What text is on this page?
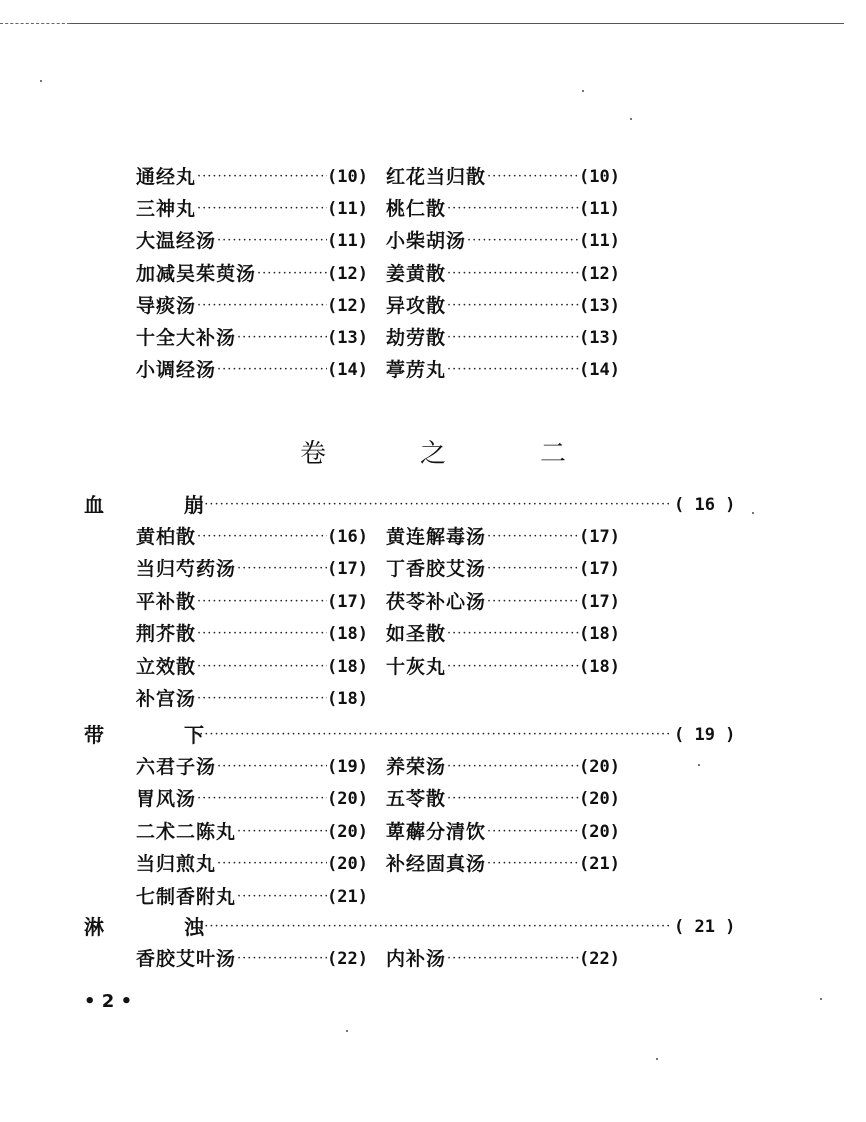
通经丸 ·····	(10) 红花当归散 ·····	(10)
三神丸 ·····	(11) 桃仁散 ·····	(11)
大温经汤 ·····	(11) 小柴胡汤 ·····	(11)
加减吴茱萸汤 ·····	(12) 姜黄散 ·····	(12)
导痰汤 ·····	(12) 异攻散 ·····	(13)
十全大补汤 ·····	(13) 劫劳散 ·····	(13)
小调经汤 ·····	(14) 葶苈丸 ·····	(14)
卷　之　二
血	崩 ·····	( 16 )
黄柏散 ·····	(16) 黄连解毒汤 ·····	(17)
当归芍药汤 ·····	(17) 丁香胶艾汤 ·····	(17)
平补散 ·····	(17) 茯苓补心汤 ·····	(17)
荆芥散 ·····	(18) 如圣散 ·····	(18)
立效散 ·····	(18) 十灰丸 ·····	(18)
补宫汤 ·····	(18)
带	下 ·····	( 19 )
六君子汤 ·····	(19) 养荣汤 ·····	(20)
胃风汤 ·····	(20) 五苓散 ·····	(20)
二术二陈丸 ·····	(20) 萆薢分清饮 ·····	(20)
当归煎丸 ·····	(20) 补经固真汤 ·····	(21)
七制香附丸 ·····	(21)
淋	浊 ·····	( 21 )
香胶艾叶汤 ·····	(22) 内补汤 ·····	(22)
• 2 •
